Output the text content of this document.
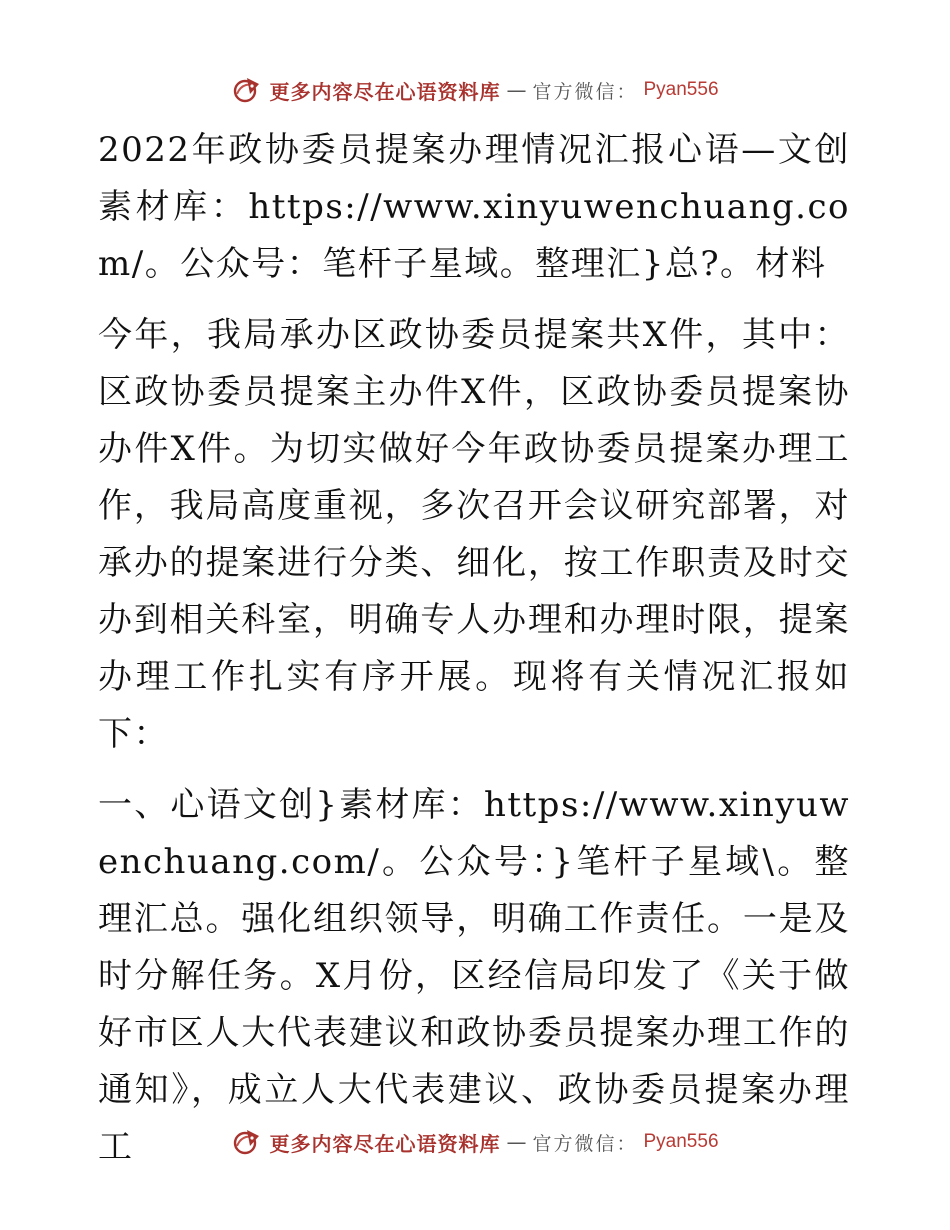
更多内容尽在心语资料库 — 官方微信： Pyan556

2022年政协委员提案办理情况汇报心语—文创素材库：https://www.xinyuwenchuang.com/。公众号：笔杆子星域。整理汇}总?。材料

今年，我局承办区政协委员提案共X件，其中：区政协委员提案主办件X件，区政协委员提案协办件X件。为切实做好今年政协委员提案办理工作，我局高度重视，多次召开会议研究部署，对承办的提案进行分类、细化，按工作职责及时交办到相关科室，明确专人办理和办理时限，提案办理工作扎实有序开展。现将有关情况汇报如下：

一、心语文创}素材库：https://www.xinyuwenchuang.com/。公众号：}笔杆子星域\。整理汇总。强化组织领导，明确工作责任。一是及时分解任务。X月份，区经信局印发了《关于做好市区人大代表建议和政协委员提案办理工作的通知》，成立人大代表建议、政协委员提案办理工	更多内容尽在心语资料库 — 官方微信： Pyan556
